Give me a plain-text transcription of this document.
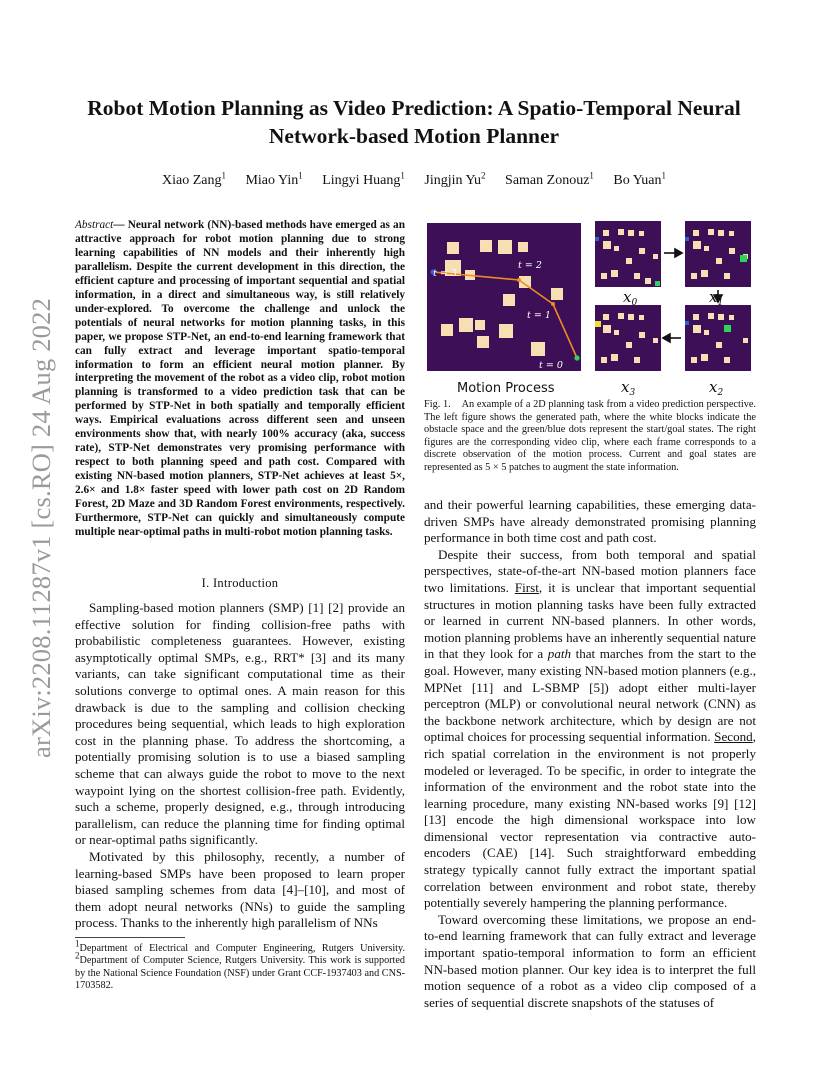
arXiv:2208.11287v1 [cs.RO] 24 Aug 2022
Robot Motion Planning as Video Prediction: A Spatio-Temporal Neural
Network-based Motion Planner
Xiao Zang$^1$ Miao Yin$^1$ Lingyi Huang$^1$ Jingjin Yu$^2$ Saman Zonouz$^1$ Bo Yuan$^1$

Abstract— Neural network (NN)-based methods have emerged as an attractive approach for robot motion planning due to strong learning capabilities of NN models and their inherently high parallelism. Despite the current development in this direction, the efficient capture and processing of important sequential and spatial information, in a direct and simultaneous way, is still relatively under-explored. To overcome the challenge and unlock the potentials of neural networks for motion planning tasks, in this paper, we propose STP-Net, an end-to-end learning framework that can fully extract and leverage important spatio-temporal information to form an efficient neural motion planner. By interpreting the movement of the robot as a video clip, robot motion planning is transformed to a video prediction task that can be performed by STP-Net in both spatially and temporally efficient ways. Empirical evaluations across different seen and unseen environments show that, with nearly 100% accuracy (aka, success rate), STP-Net demonstrates very promising performance with respect to both planning speed and path cost. Compared with existing NN-based motion planners, STP-Net achieves at least 5×, 2.6× and 1.8× faster speed with lower path cost on 2D Random Forest, 2D Maze and 3D Random Forest environments, respectively. Furthermore, STP-Net can quickly and simultaneously compute multiple near-optimal paths in multi-robot motion planning tasks.

I. Introduction

Sampling-based motion planners (SMP) [1] [2] provide an effective solution for finding collision-free paths with probabilistic completeness guarantees. However, existing asymptotically optimal SMPs, e.g., RRT* [3] and its many variants, can take significant computational time as their solutions converge to optimal ones. A main reason for this drawback is due to the sampling and collision checking procedures being sequential, which leads to high exploration cost in the planning phase. To address the shortcoming, a potentially promising solution is to use a biased sampling scheme that can always guide the robot to move to the next waypoint lying on the shortest collision-free path. Evidently, such a scheme, properly designed, e.g., through introducing parallelism, can reduce the planning time for finding optimal or near-optimal paths significantly.

Motivated by this philosophy, recently, a number of learning-based SMPs have been proposed to learn proper biased sampling schemes from data [4]–[10], and most of them adopt neural networks (NNs) to guide the sampling process. Thanks to the inherently high parallelism of NNs

$^1$Department of Electrical and Computer Engineering, Rutgers University. $^2$Department of Computer Science, Rutgers University. This work is supported by the National Science Foundation (NSF) under Grant CCF-1937403 and CNS-1703582.

t = 3
t = 2
t = 1
t = 0
Motion Process
𝑥$_0$	𝑥$_1$
𝑥$_3$	𝑥$_2$

Fig. 1. An example of a 2D planning task from a video prediction perspective. The left figure shows the generated path, where the white blocks indicate the obstacle space and the green/blue dots represent the start/goal states. The right figures are the corresponding video clip, where each frame corresponds to a discrete observation of the motion process. Current and goal states are represented as 5 × 5 patches to augment the state information.

and their powerful learning capabilities, these emerging data-driven SMPs have already demonstrated promising planning performance in both time cost and path cost.

Despite their success, from both temporal and spatial perspectives, state-of-the-art NN-based motion planners face two limitations. First, it is unclear that important sequential structures in motion planning tasks have been fully extracted or learned in current NN-based planners. In other words, motion planning problems have an inherently sequential nature in that they look for a path that marches from the start to the goal. However, many existing NN-based motion planners (e.g., MPNet [11] and L-SBMP [5]) adopt either multi-layer perceptron (MLP) or convolutional neural network (CNN) as the backbone network architecture, which by design are not optimal choices for processing sequential information. Second, rich spatial correlation in the environment is not properly modeled or leveraged. To be specific, in order to integrate the information of the environment and the robot state into the learning procedure, many existing NN-based works [9] [12] [13] encode the high dimensional workspace into low dimensional vector representation via contractive auto-encoders (CAE) [14]. Such straightforward embedding strategy typically cannot fully extract the important spatial correlation between environment and robot state, thereby potentially severely hampering the planning performance.

Toward overcoming these limitations, we propose an end-to-end learning framework that can fully extract and leverage important spatio-temporal information to form an efficient NN-based motion planner. Our key idea is to interpret the full motion sequence of a robot as a video clip composed of a series of sequential discrete snapshots of the statuses of
